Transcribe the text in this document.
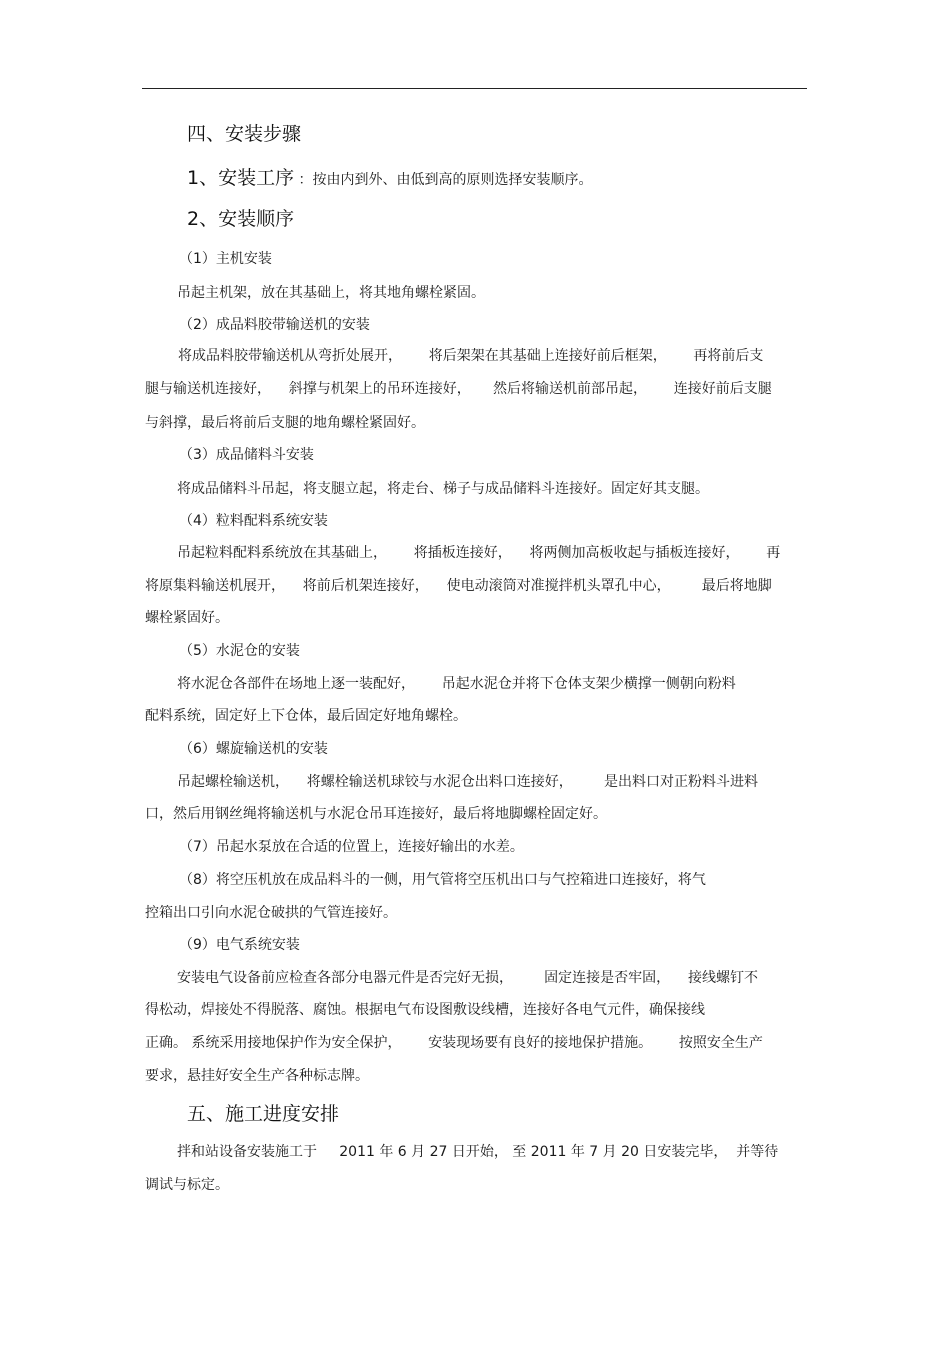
四、安装步骤
1、安装工序 ：按由内到外、由低到高的原则选择安装顺序。
2、安装顺序
（1）主机安装
吊起主机架，放在其基础上，将其地角螺栓紧固。
（2）成品料胶带输送机的安装
将成品料胶带输送机从弯折处展开，      将后架架在其基础上连接好前后框架，      再将前后支
腿与输送机连接好，    斜撑与机架上的吊环连接好，     然后将输送机前部吊起，      连接好前后支腿
与斜撑，最后将前后支腿的地角螺栓紧固好。
（3）成品储料斗安装
将成品储料斗吊起，将支腿立起，将走台、梯子与成品储料斗连接好。固定好其支腿。
（4）粒料配料系统安装
吊起粒料配料系统放在其基础上，      将插板连接好，    将两侧加高板收起与插板连接好，      再
将原集料输送机展开，    将前后机架连接好，    使电动滚筒对准搅拌机头罩孔中心，       最后将地脚
螺栓紧固好。
（5）水泥仓的安装
将水泥仓各部件在场地上逐一装配好，      吊起水泥仓并将下仓体支架少横撑一侧朝向粉料
配料系统，固定好上下仓体，最后固定好地角螺栓。
（6）螺旋输送机的安装
吊起螺栓输送机，    将螺栓输送机球铰与水泥仓出料口连接好，       是出料口对正粉料斗进料
口，然后用钢丝绳将输送机与水泥仓吊耳连接好，最后将地脚螺栓固定好。
（7）吊起水泵放在合适的位置上，连接好输出的水差。
（8）将空压机放在成品料斗的一侧，用气管将空压机出口与气控箱进口连接好，将气
控箱出口引向水泥仓破拱的气管连接好。
（9）电气系统安装
安装电气设备前应检查各部分电器元件是否完好无损，       固定连接是否牢固，    接线螺钉不
得松动，焊接处不得脱落、腐蚀。根据电气布设图敷设线槽，连接好各电气元件，确保接线
正确。 系统采用接地保护作为安全保护，      安装现场要有良好的接地保护措施。      按照安全生产
要求，悬挂好安全生产各种标志牌。
五、施工进度安排
拌和站设备安装施工于     2011 年 6 月 27 日开始， 至 2011 年 7 月 20 日安装完毕，  并等待
调试与标定。
